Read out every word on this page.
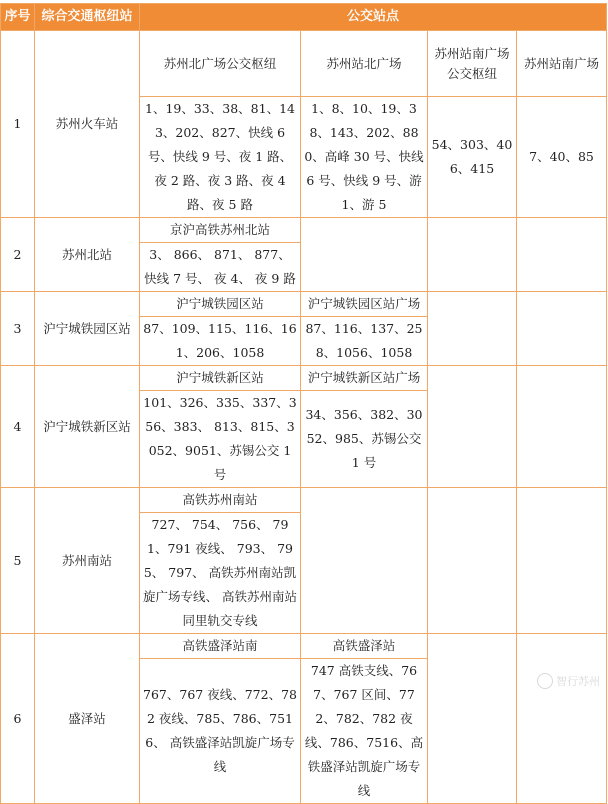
序号	综合交通枢纽站	公交站点			
1	苏州火车站	苏州北广场公交枢纽	苏州站北广场	苏州站南广场公交枢纽	苏州站南广场
		1、19、33、38、81、143、202、827、快线 6 号、快线 9 号、夜 1 路、夜 2 路、夜 3 路、夜 4 路、夜 5 路	1、8、10、19、38、143、202、880、高峰 30 号、快线 6 号、快线 9 号、游 1、游 5	54、303、406、415	7、40、85
2	苏州北站	京沪高铁苏州北站			
		3、 866、 871、 877、 快线 7 号、 夜 4、 夜 9 路			
3	沪宁城铁园区站	沪宁城铁园区站	沪宁城铁园区站广场		
		87、109、115、116、161、206、1058	87、116、137、258、1056、1058		
4	沪宁城铁新区站	沪宁城铁新区站	沪宁城铁新区站广场		
		101、326、335、337、356、383、 813、815、3052、9051、苏锡公交 1 号	34、356、382、3052、985、苏锡公交 1 号		
5	苏州南站	高铁苏州南站			
		727、 754、 756、 791、791 夜线、 793、 795、 797、 高铁苏州南站凯旋广场专线、 高铁苏州南站同里轨交专线			
6	盛泽站	高铁盛泽站南	高铁盛泽站		
		767、767 夜线、772、782 夜线、785、786、7516、 高铁盛泽站凯旋广场专线	747 高铁支线、767、767 区间、772、782、782 夜线、786、7516、高铁盛泽站凯旋广场专线		
智行苏州
